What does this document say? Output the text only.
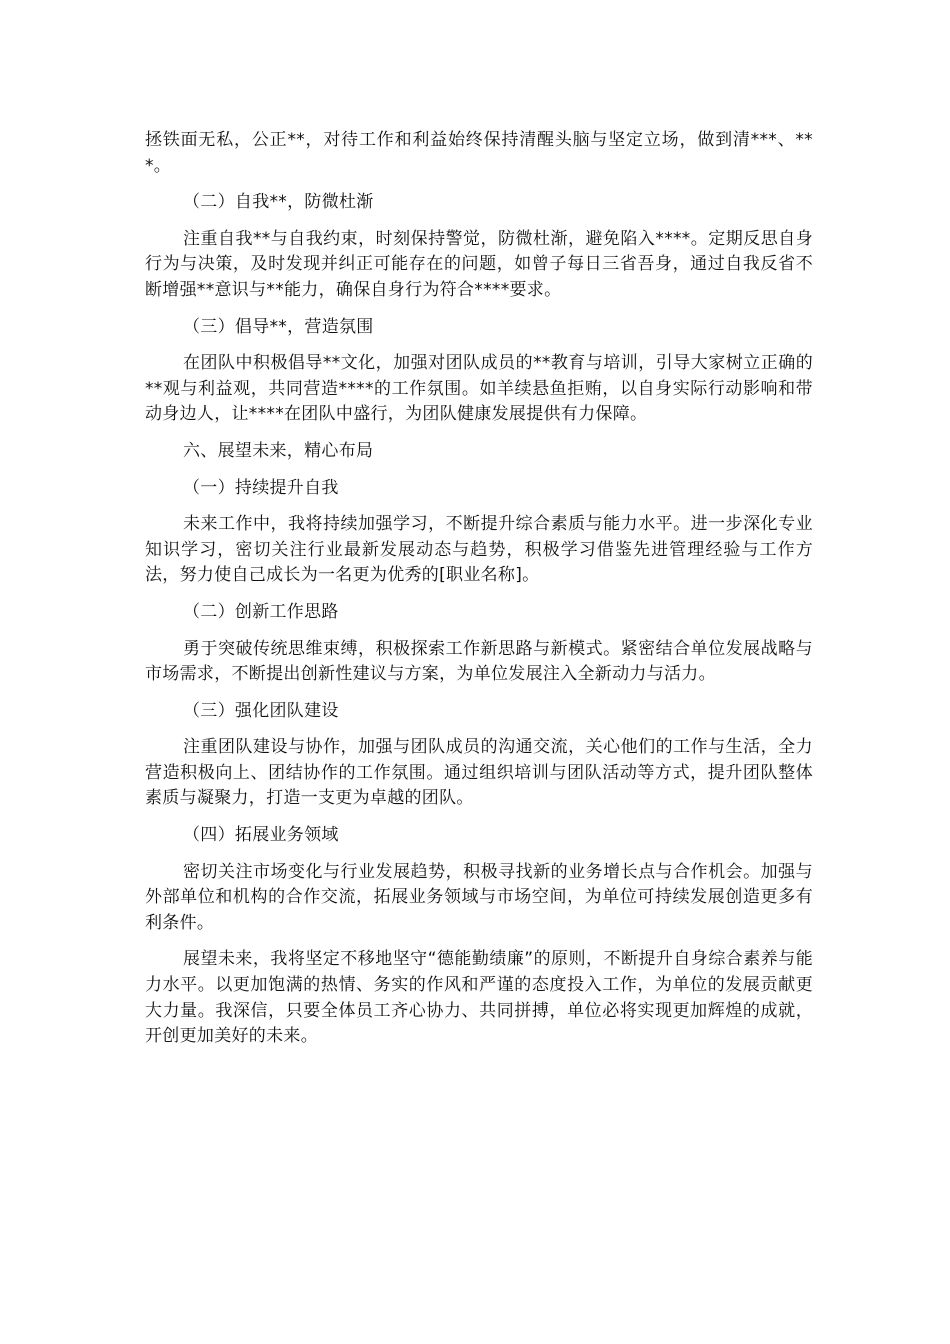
拯铁面无私，公正**，对待工作和利益始终保持清醒头脑与坚定立场，做到清***、***。

（二）自我**，防微杜渐

注重自我**与自我约束，时刻保持警觉，防微杜渐，避免陷入****。定期反思自身行为与决策，及时发现并纠正可能存在的问题，如曾子每日三省吾身，通过自我反省不断增强**意识与**能力，确保自身行为符合****要求。

（三）倡导**，营造氛围

在团队中积极倡导**文化，加强对团队成员的**教育与培训，引导大家树立正确的**观与利益观，共同营造****的工作氛围。如羊续悬鱼拒贿，以自身实际行动影响和带动身边人，让****在团队中盛行，为团队健康发展提供有力保障。

六、展望未来，精心布局

（一）持续提升自我

未来工作中，我将持续加强学习，不断提升综合素质与能力水平。进一步深化专业知识学习，密切关注行业最新发展动态与趋势，积极学习借鉴先进管理经验与工作方法，努力使自己成长为一名更为优秀的[职业名称]。

（二）创新工作思路

勇于突破传统思维束缚，积极探索工作新思路与新模式。紧密结合单位发展战略与市场需求，不断提出创新性建议与方案，为单位发展注入全新动力与活力。

（三）强化团队建设

注重团队建设与协作，加强与团队成员的沟通交流，关心他们的工作与生活，全力营造积极向上、团结协作的工作氛围。通过组织培训与团队活动等方式，提升团队整体素质与凝聚力，打造一支更为卓越的团队。

（四）拓展业务领域

密切关注市场变化与行业发展趋势，积极寻找新的业务增长点与合作机会。加强与外部单位和机构的合作交流，拓展业务领域与市场空间，为单位可持续发展创造更多有利条件。

展望未来，我将坚定不移地坚守“德能勤绩廉”的原则，不断提升自身综合素养与能力水平。以更加饱满的热情、务实的作风和严谨的态度投入工作，为单位的发展贡献更大力量。我深信，只要全体员工齐心协力、共同拼搏，单位必将实现更加辉煌的成就，开创更加美好的未来。
